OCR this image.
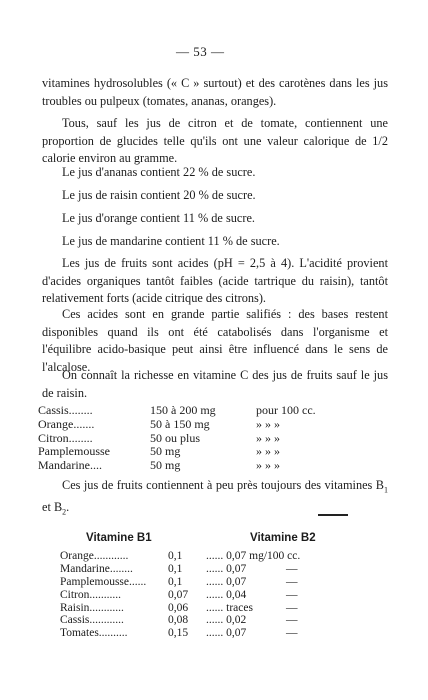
— 53 —
vitamines hydrosolubles (« C » surtout) et des carotènes dans les jus troubles ou pulpeux (tomates, ananas, oranges).
Tous, sauf les jus de citron et de tomate, contiennent une proportion de glucides telle qu'ils ont une valeur calorique de 1/2 calorie environ au gramme.
Le jus d'ananas contient 22 % de sucre.
Le jus de raisin contient 20 % de sucre.
Le jus d'orange contient 11 % de sucre.
Le jus de mandarine contient 11 % de sucre.
Les jus de fruits sont acides (pH = 2,5 à 4). L'acidité provient d'acides organiques tantôt faibles (acide tartrique du raisin), tantôt relativement forts (acide citrique des citrons).
Ces acides sont en grande partie salifiés : des bases restent disponibles quand ils ont été catabolisés dans l'organisme et l'équilibre acido-basique peut ainsi être influencé dans le sens de l'alcalose.
On connaît la richesse en vitamine C des jus de fruits sauf le jus de raisin.
Cassis........	150 à 200 mg	pour 100 cc.
Orange.......	50 à 150 mg	» » »
Citron........	50 ou plus	» » »
Pamplemousse	50 mg	» » »
Mandarine....	50 mg	» » »
Ces jus de fruits contiennent à peu près toujours des vitamines $B_1$ et $B_2$.
Vitamine B1	Vitamine B2
Orange............	0,1 ...... 0,07 mg/100 cc.
Mandarine........	0,1 ...... 0,07	—
Pamplemousse...... 0,1 ...... 0,07	—
Citron...........	0,07 ...... 0,04	—
Raisin............	0,06 ...... traces	—
Cassis............	0,08 ...... 0,02	—
Tomates..........	0,15 ...... 0,07	—
